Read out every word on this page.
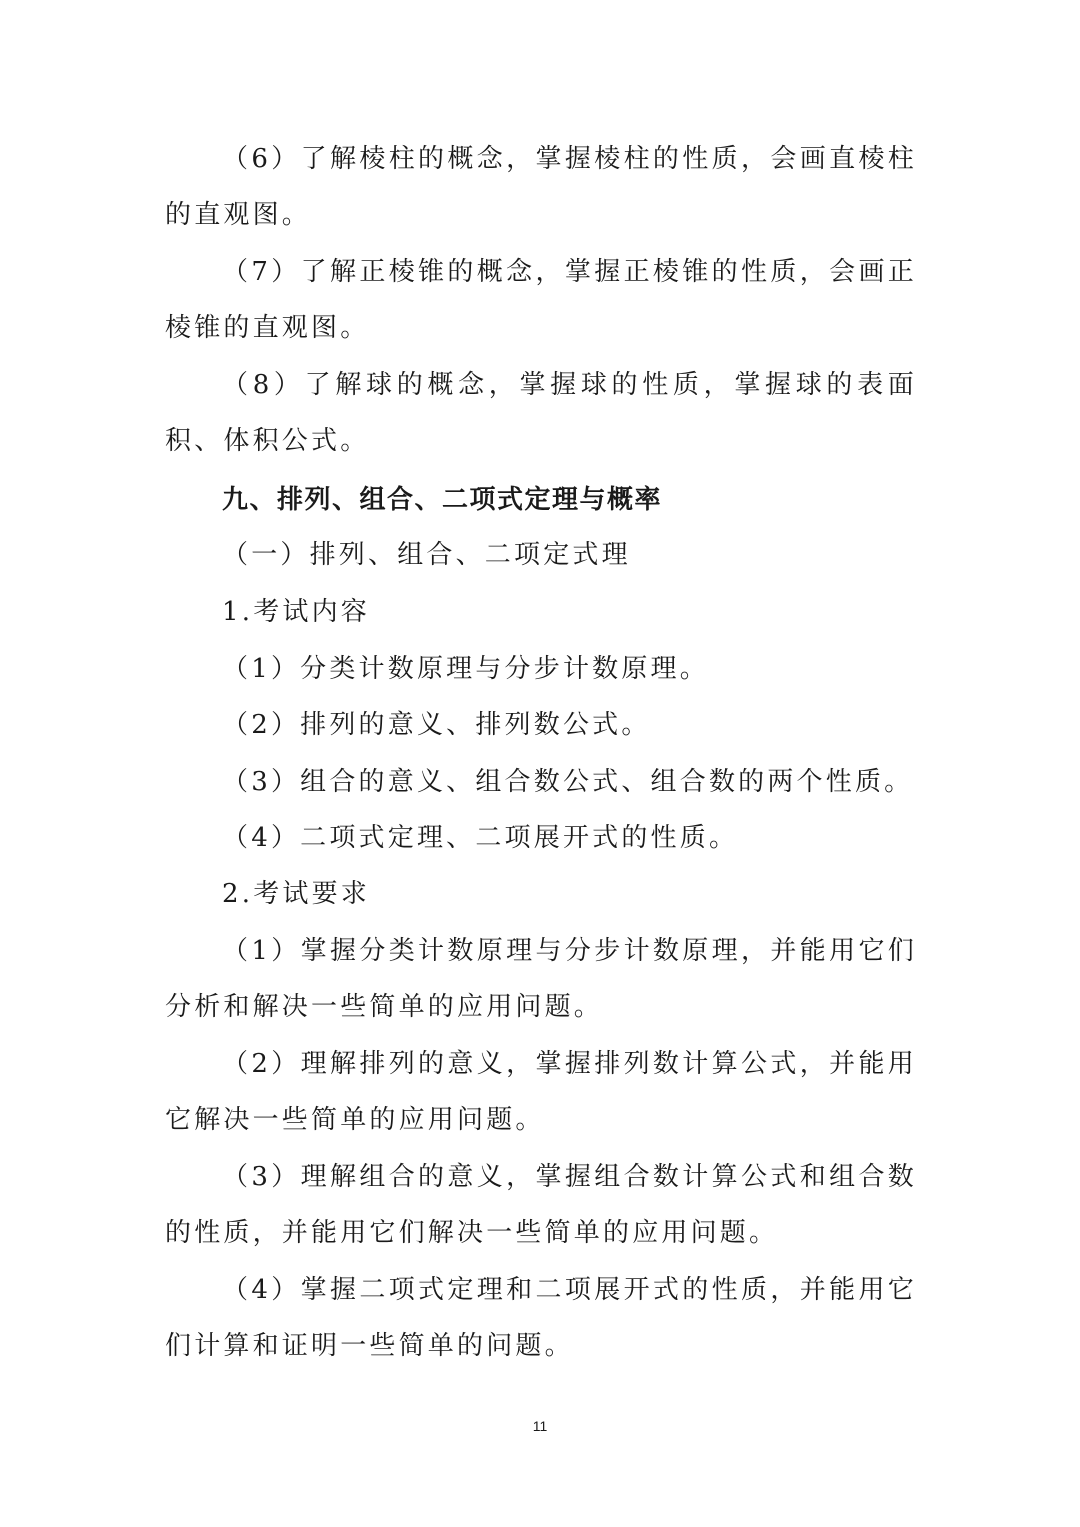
（6）了解棱柱的概念，掌握棱柱的性质，会画直棱柱的直观图。

（7）了解正棱锥的概念，掌握正棱锥的性质，会画正棱锥的直观图。

（8）了解球的概念，掌握球的性质，掌握球的表面积、体积公式。

九、排列、组合、二项式定理与概率

（一）排列、组合、二项定式理

1.考试内容

（1）分类计数原理与分步计数原理。

（2）排列的意义、排列数公式。

（3）组合的意义、组合数公式、组合数的两个性质。

（4）二项式定理、二项展开式的性质。

2.考试要求

（1）掌握分类计数原理与分步计数原理，并能用它们分析和解决一些简单的应用问题。

（2）理解排列的意义，掌握排列数计算公式，并能用它解决一些简单的应用问题。

（3）理解组合的意义，掌握组合数计算公式和组合数的性质，并能用它们解决一些简单的应用问题。

（4）掌握二项式定理和二项展开式的性质，并能用它们计算和证明一些简单的问题。

11
